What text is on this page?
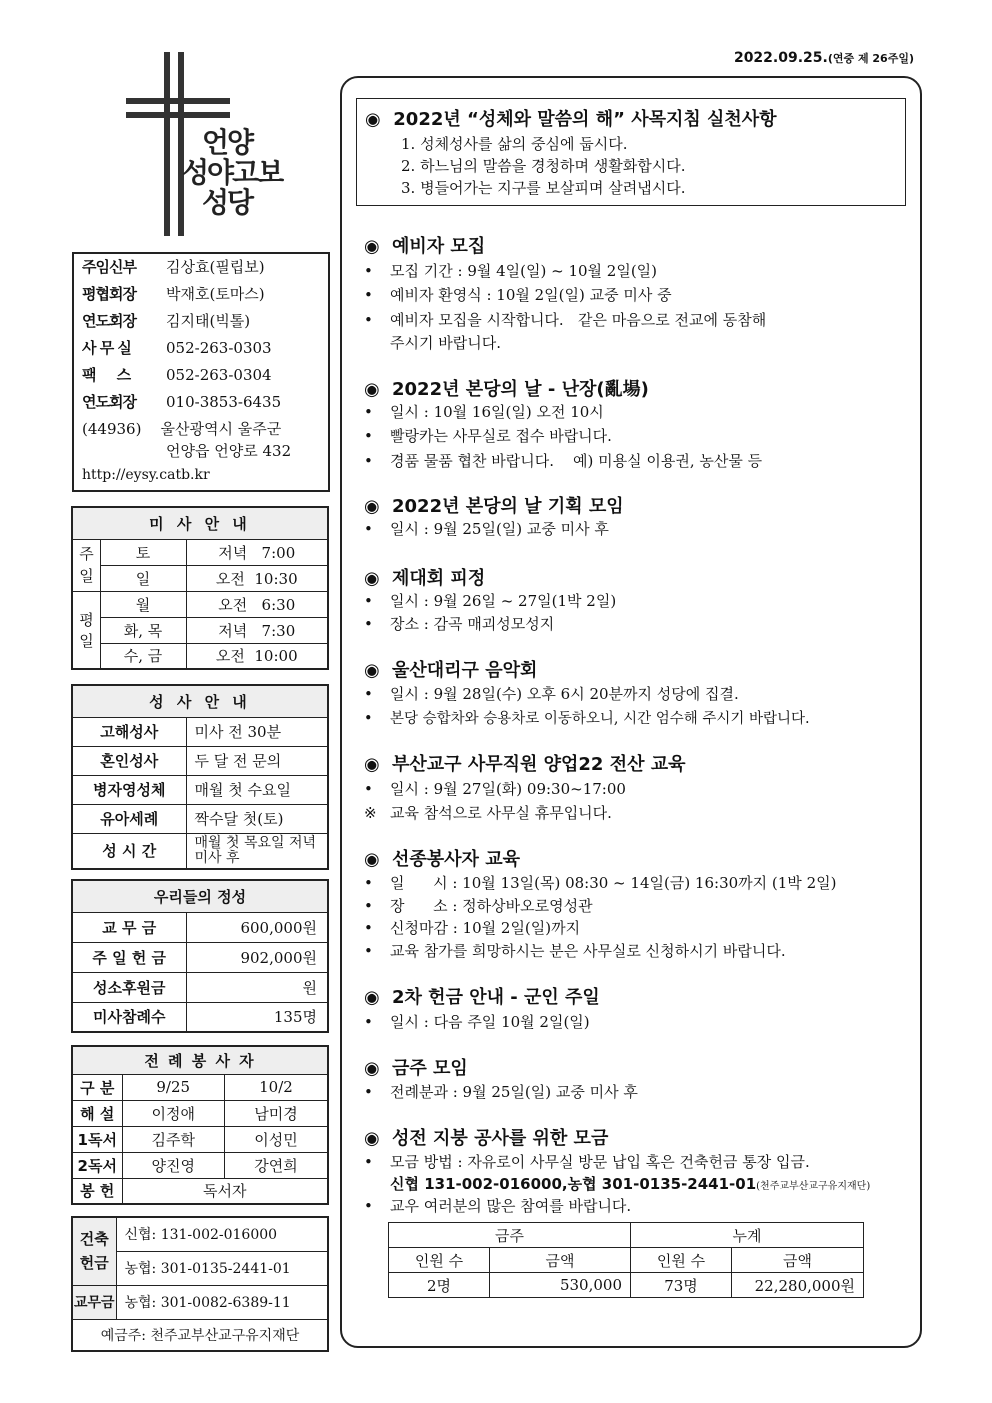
2022.09.25.(연중 제 26주일)
언양
성야고보
성당
주임신부 김상효(필립보)
평협회장 박재호(토마스)
연도회장 김지태(빅톨)
사 무 실 052-263-0303
팩     스 052-263-0304
연도회장 010-3853-6435
(44936) 울산광역시 울주군
언양읍 언양로 432
http://eysy.catb.kr
미 사 안 내		
주일	토	저녁   7:00
	일	오전  10:30
평일	월	오전   6:30
	화, 목	저녁   7:30
	수, 금	오전  10:00
성 사 안 내	
고해성사	미사 전 30분
혼인성사	두 달 전 문의
병자영성체	매월 첫 수요일
유아세례	짝수달 첫(토)
성 시 간	매월 첫 목요일 저녁미사 후
우리들의 정성	
교 무 금	600,000원
주 일 헌 금	902,000원
성소후원금	원
미사참례수	135명
전 례 봉 사 자		
구 분	9/25	10/2
해 설	이정애	남미경
1독서	김주학	이성민
2독서	양진영	강연희
봉 헌	독서자	
건축 헌금	신협: 131-002-016000
	농협: 301-0135-2441-01
교무금	농협: 301-0082-6389-11
예금주: 천주교부산교구유지재단	
◉ 2022년 “성체와 말씀의 해” 사목지침 실천사항
1. 성체성사를 삶의 중심에 둡시다.
2. 하느님의 말씀을 경청하며 생활화합시다.
3. 병들어가는 지구를 보살피며 살려냅시다.
◉ 예비자 모집
• 모집 기간 : 9월 4일(일) ~ 10월 2일(일)
• 예비자 환영식 : 10월 2일(일) 교중 미사 중
• 예비자 모집을 시작합니다.   같은 마음으로 전교에 동참해
주시기 바랍니다.
◉ 2022년 본당의 날 - 난장(亂場)
• 일시 : 10월 16일(일) 오전 10시
• 빨랑카는 사무실로 접수 바랍니다.
• 경품 물품 협찬 바랍니다.    예) 미용실 이용권, 농산물 등
◉ 2022년 본당의 날 기획 모임
• 일시 : 9월 25일(일) 교중 미사 후
◉ 제대회 피정
• 일시 : 9월 26일 ~ 27일(1박 2일)
• 장소 : 감곡 매괴성모성지
◉ 울산대리구 음악회
• 일시 : 9월 28일(수) 오후 6시 20분까지 성당에 집결.
• 본당 승합차와 승용차로 이동하오니, 시간 엄수해 주시기 바랍니다.
◉ 부산교구 사무직원 양업22 전산 교육
• 일시 : 9월 27일(화) 09:30~17:00
※ 교육 참석으로 사무실 휴무입니다.
◉ 선종봉사자 교육
• 일      시 : 10월 13일(목) 08:30 ~ 14일(금) 16:30까지 (1박 2일)
• 장      소 : 정하상바오로영성관
• 신청마감 : 10월 2일(일)까지
• 교육 참가를 희망하시는 분은 사무실로 신청하시기 바랍니다.
◉ 2차 헌금 안내 - 군인 주일
• 일시 : 다음 주일 10월 2일(일)
◉ 금주 모임
• 전례분과 : 9월 25일(일) 교중 미사 후
◉ 성전 지붕 공사를 위한 모금
• 모금 방법 : 자유로이 사무실 방문 납입 혹은 건축헌금 통장 입금.
신협 131-002-016000,농협 301-0135-2441-01(천주교부산교구유지재단)
• 교우 여러분의 많은 참여를 바랍니다.
금주		누계	
인원 수	금액	인원 수	금액
2명	530,000	73명	22,280,000원
